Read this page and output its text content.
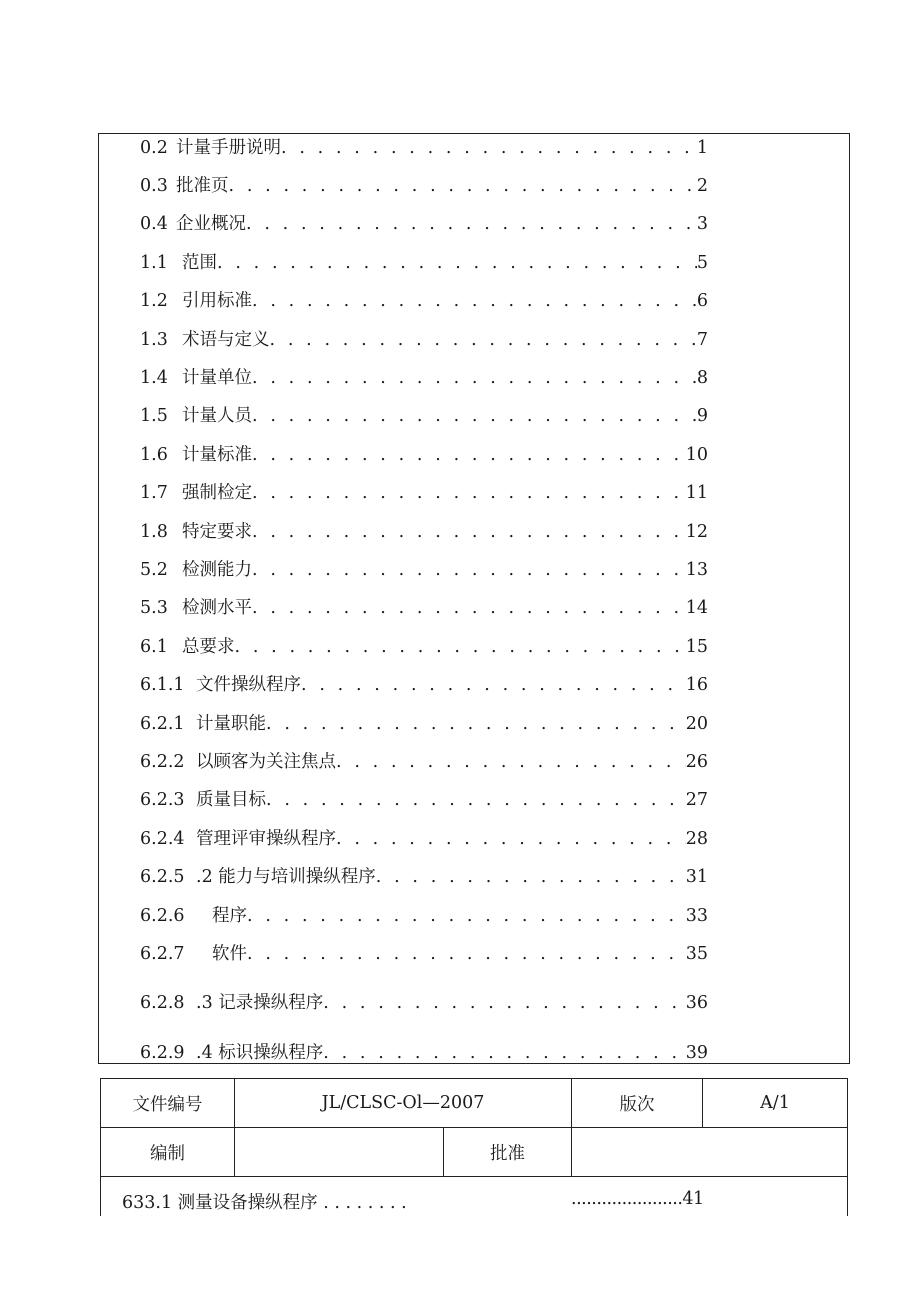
0.2 计量手册说明 . . .	1
0.3 批准页 . . .	2
0.4 企业概况 . . .	3
1.1 范围 . . .	5
1.2 引用标准 . . .	6
1.3 术语与定义 . . .	7
1.4 计量单位 . . .	8
1.5 计量人员 . . .	9
1.6 计量标准 . . .	10
1.7 强制检定 . . .	11
1.8 特定要求 . . .	12
5.2 检测能力 . . .	13
5.3 检测水平 . . .	14
6.1 总要求 . . .	15
6.1.1 文件操纵程序 . . .	16
6.2.1 计量职能 . . .	20
6.2.2 以顾客为关注焦点 . . .	26
6.2.3 质量目标 . . .	27
6.2.4 管理评审操纵程序 . . .	28
6.2.5 .2 能力与培训操纵程序 . . .	31
6.2.6	程序 . . .	33
6.2.7	软件 . . .	35
6.2.8 .3 记录操纵程序 . . .	36
6.2.9 .4 标识操纵程序 . . .	39
文件编号	JL/CLSC-Ol—2007		版次	A/1
编制		批准		
633.1 测量设备操纵程序 . . . . . . . .	......................41
